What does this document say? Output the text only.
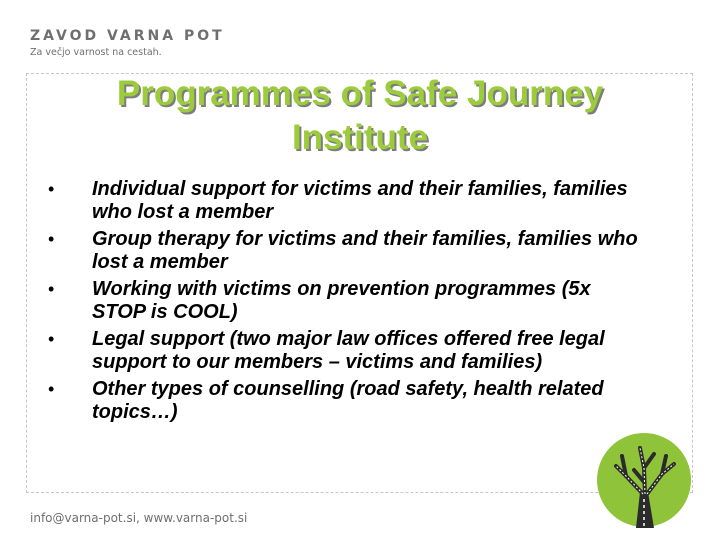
ZAVOD VARNA POT
Za večjo varnost na cestah.
Programmes of Safe Journey Institute
•	Individual support for victims and their families, families who lost a member
•	Group therapy for victims and their families, families who lost a member
•	Working with victims on prevention programmes (5x STOP is COOL)
•	Legal support (two major law offices offered free legal support to our members – victims and families)
•	Other types of counselling (road safety, health related topics…)
info@varna-pot.si, www.varna-pot.si
